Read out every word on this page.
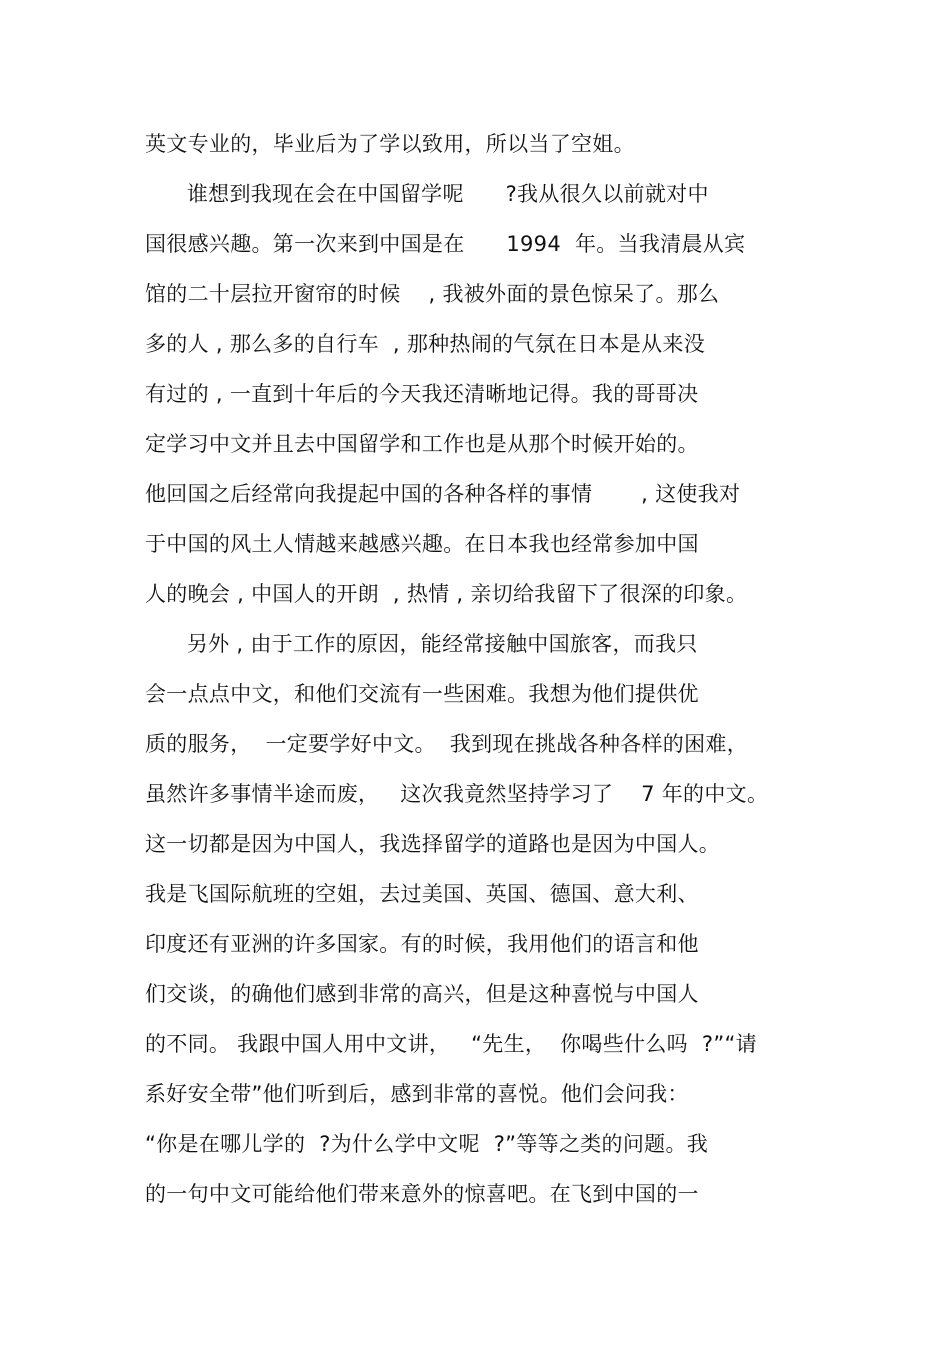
英文专业的，毕业后为了学以致用，所以当了空姐。
谁想到我现在会在中国留学呢      ?我从很久以前就对中
国很感兴趣。第一次来到中国是在      1994  年。当我清晨从宾
馆的二十层拉开窗帘的时候    , 我被外面的景色惊呆了。那么
多的人 , 那么多的自行车  , 那种热闹的气氛在日本是从来没
有过的 , 一直到十年后的今天我还清晰地记得。我的哥哥决
定学习中文并且去中国留学和工作也是从那个时候开始的。
他回国之后经常向我提起中国的各种各样的事情       , 这使我对
于中国的风土人情越来越感兴趣。在日本我也经常参加中国
人的晚会 , 中国人的开朗  , 热情 , 亲切给我留下了很深的印象。
另外 , 由于工作的原因，能经常接触中国旅客，而我只
会一点点中文，和他们交流有一些困难。我想为他们提供优
质的服务，  一定要学好中文。  我到现在挑战各种各样的困难，
虽然许多事情半途而废，   这次我竟然坚持学习了    7 年的中文。
这一切都是因为中国人，我选择留学的道路也是因为中国人。
我是飞国际航班的空姐，去过美国、英国、德国、意大利、
印度还有亚洲的许多国家。有的时候，我用他们的语言和他
们交谈，的确他们感到非常的高兴，但是这种喜悦与中国人
的不同。 我跟中国人用中文讲，   “先生，  你喝些什么吗  ?”“请
系好安全带”他们听到后，感到非常的喜悦。他们会问我：
“你是在哪儿学的  ?为什么学中文呢  ?”等等之类的问题。我
的一句中文可能给他们带来意外的惊喜吧。在飞到中国的一
